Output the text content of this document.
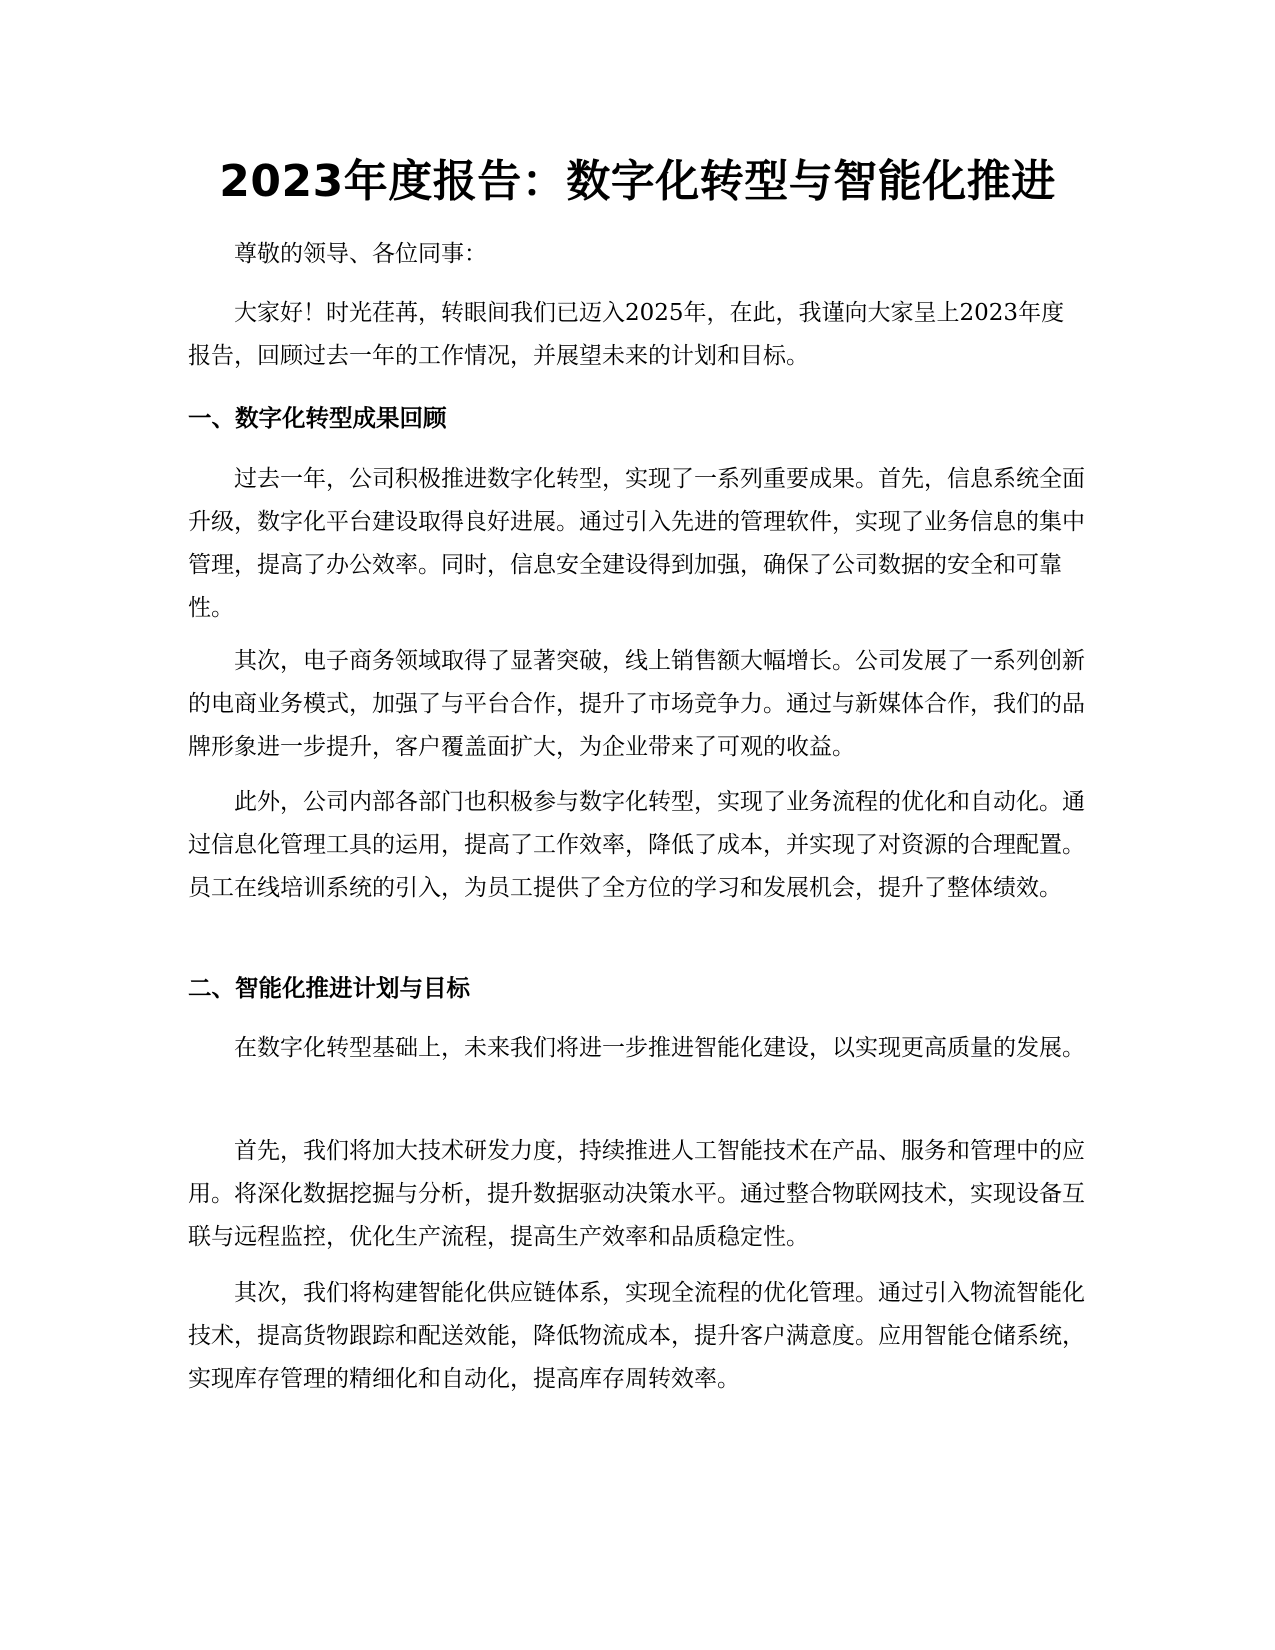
2023年度报告：数字化转型与智能化推进

尊敬的领导、各位同事：

大家好！时光荏苒，转眼间我们已迈入2025年，在此，我谨向大家呈上2023年度报告，回顾过去一年的工作情况，并展望未来的计划和目标。

一、数字化转型成果回顾

过去一年，公司积极推进数字化转型，实现了一系列重要成果。首先，信息系统全面升级，数字化平台建设取得良好进展。通过引入先进的管理软件，实现了业务信息的集中管理，提高了办公效率。同时，信息安全建设得到加强，确保了公司数据的安全和可靠性。

其次，电子商务领域取得了显著突破，线上销售额大幅增长。公司发展了一系列创新的电商业务模式，加强了与平台合作，提升了市场竞争力。通过与新媒体合作，我们的品牌形象进一步提升，客户覆盖面扩大，为企业带来了可观的收益。

此外，公司内部各部门也积极参与数字化转型，实现了业务流程的优化和自动化。通过信息化管理工具的运用，提高了工作效率，降低了成本，并实现了对资源的合理配置。员工在线培训系统的引入，为员工提供了全方位的学习和发展机会，提升了整体绩效。

二、智能化推进计划与目标

在数字化转型基础上，未来我们将进一步推进智能化建设，以实现更高质量的发展。

首先，我们将加大技术研发力度，持续推进人工智能技术在产品、服务和管理中的应用。将深化数据挖掘与分析，提升数据驱动决策水平。通过整合物联网技术，实现设备互联与远程监控，优化生产流程，提高生产效率和品质稳定性。

其次，我们将构建智能化供应链体系，实现全流程的优化管理。通过引入物流智能化技术，提高货物跟踪和配送效能，降低物流成本，提升客户满意度。应用智能仓储系统，实现库存管理的精细化和自动化，提高库存周转效率。
